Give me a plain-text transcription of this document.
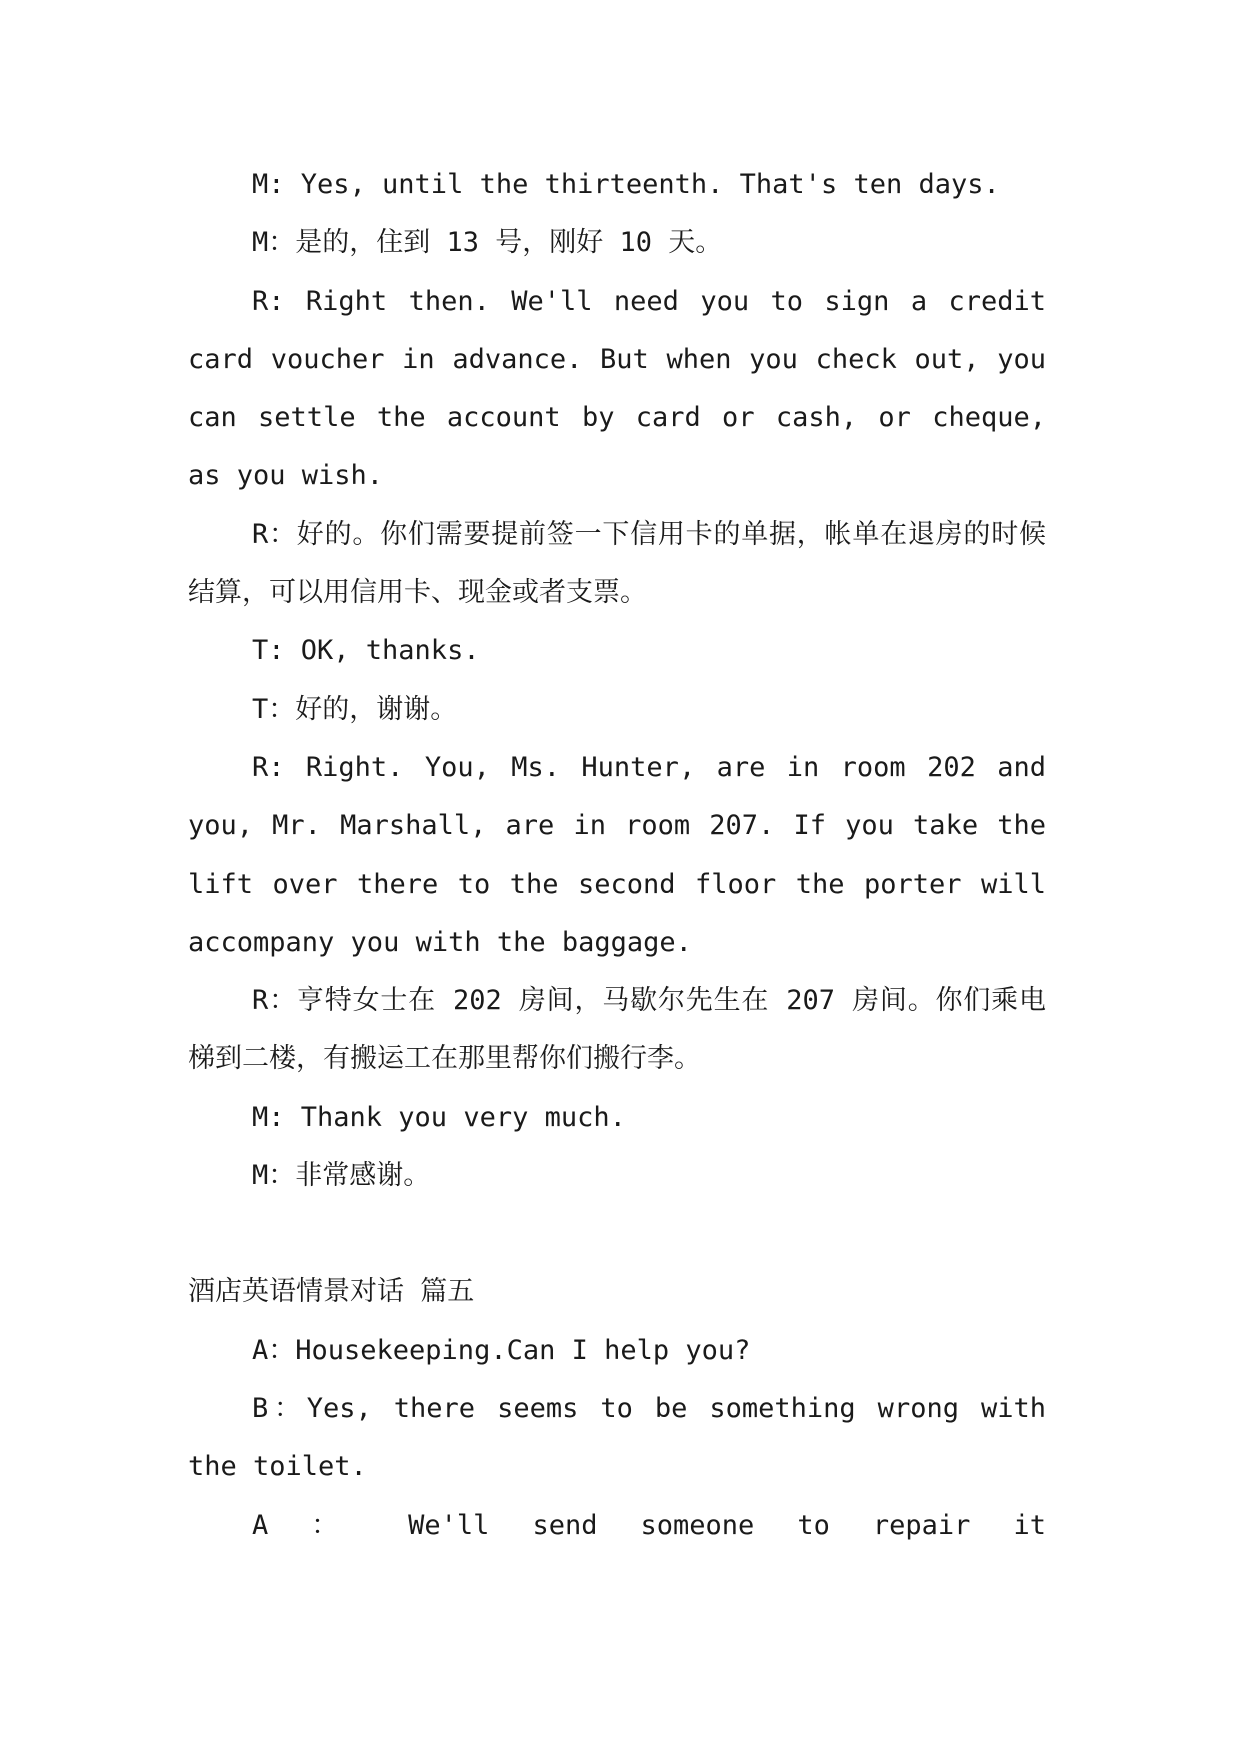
M: Yes, until the thirteenth. That's ten days.

M：是的，住到 13 号，刚好 10 天。

R: Right then. We'll need you to sign a credit card voucher in advance. But when you check out, you can settle the account by card or cash, or cheque, as you wish.

R：好的。你们需要提前签一下信用卡的单据，帐单在退房的时候结算，可以用信用卡、现金或者支票。

T: OK, thanks.

T：好的，谢谢。

R: Right. You, Ms. Hunter, are in room 202 and you, Mr. Marshall, are in room 207. If you take the lift over there to the second floor the porter will accompany you with the baggage.

R：亨特女士在 202 房间，马歇尔先生在 207 房间。你们乘电梯到二楼，有搬运工在那里帮你们搬行李。

M: Thank you very much.

M：非常感谢。

酒店英语情景对话 篇五

A：Housekeeping.Can I help you?

B：Yes, there seems to be something wrong with the toilet.

A ： We'll send someone to repair it
